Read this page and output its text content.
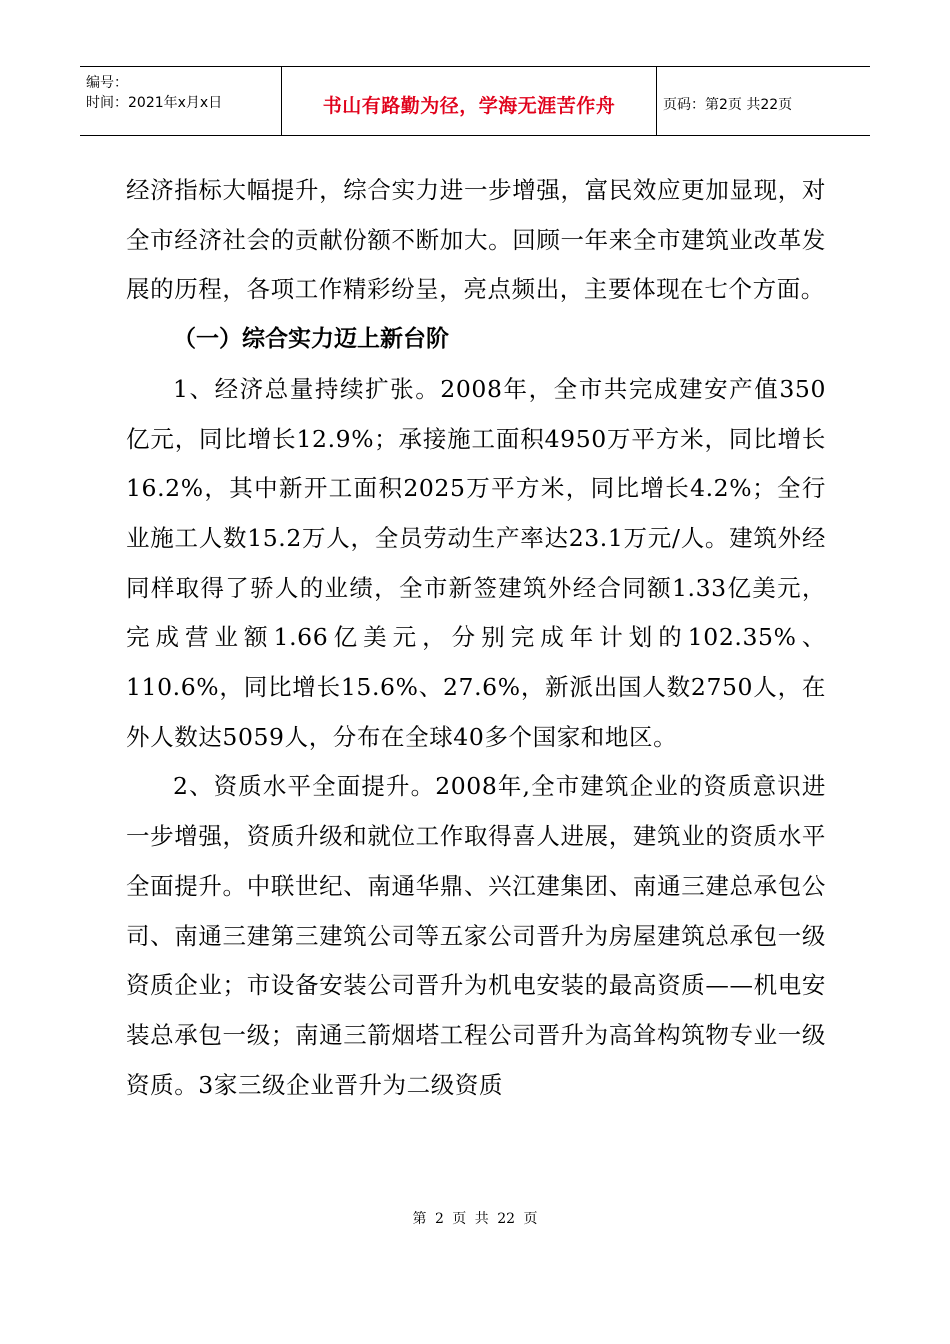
编号：
时间：2021年x月x日	书山有路勤为径，学海无涯苦作舟	页码：第2页 共22页

经济指标大幅提升，综合实力进一步增强，富民效应更加显现，对全市经济社会的贡献份额不断加大。回顾一年来全市建筑业改革发展的历程，各项工作精彩纷呈，亮点频出，主要体现在七个方面。

（一）综合实力迈上新台阶

1、经济总量持续扩张。2008年，全市共完成建安产值350亿元，同比增长12.9%；承接施工面积4950万平方米，同比增长16.2%，其中新开工面积2025万平方米，同比增长4.2%；全行业施工人数15.2万人，全员劳动生产率达23.1万元/人。建筑外经同样取得了骄人的业绩，全市新签建筑外经合同额1.33亿美元，完成营业额1.66亿美元，分别完成年计划的102.35%、110.6%，同比增长15.6%、27.6%，新派出国人数2750人，在外人数达5059人，分布在全球40多个国家和地区。

2、资质水平全面提升。2008年,全市建筑企业的资质意识进一步增强，资质升级和就位工作取得喜人进展，建筑业的资质水平全面提升。中联世纪、南通华鼎、兴江建集团、南通三建总承包公司、南通三建第三建筑公司等五家公司晋升为房屋建筑总承包一级资质企业；市设备安装公司晋升为机电安装的最高资质——机电安装总承包一级；南通三箭烟塔工程公司晋升为高耸构筑物专业一级资质。3家三级企业晋升为二级资质

第 2 页 共 22 页
